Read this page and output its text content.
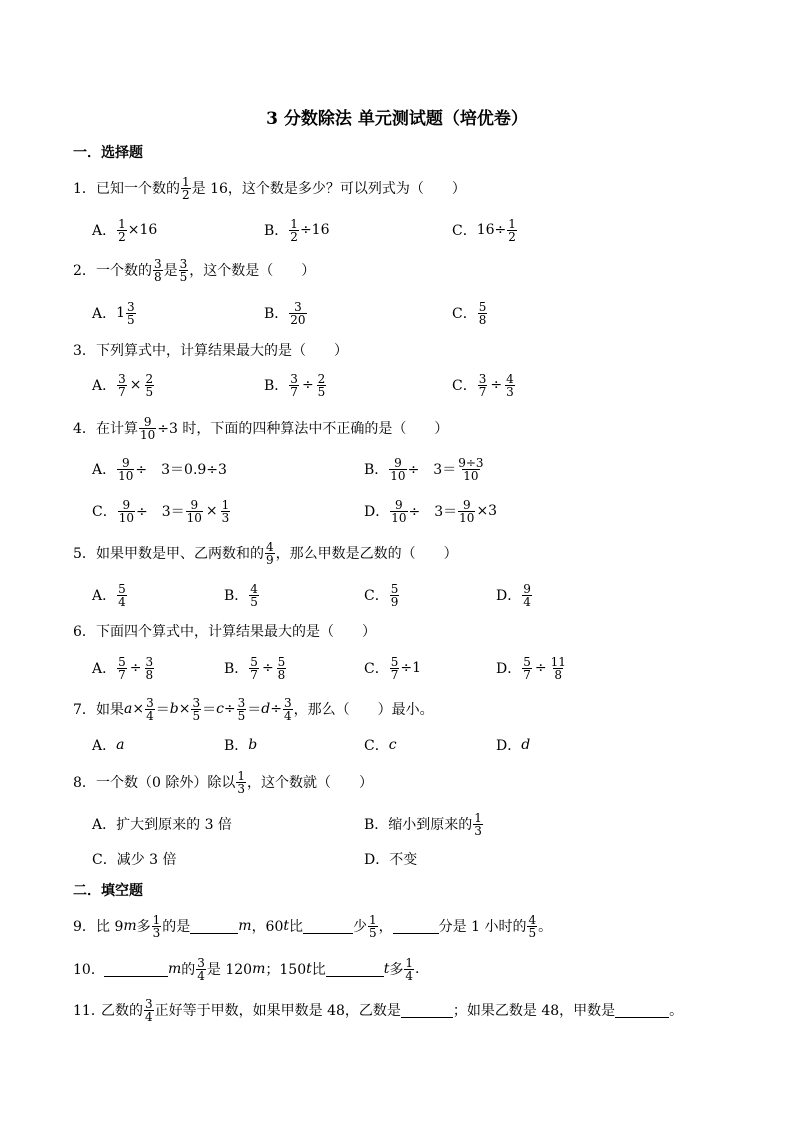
3 分数除法 单元测试题（培优卷）
一．选择题
1． 已知一个数的 $\frac{1}{2}$ 是 16，这个数是多少？可以列式为（　　）
A． $\frac{1}{2} \times 16$	B． $\frac{1}{2} \div 16$	C． $16\div \frac{1}{2}$
2． 一个数的 $\frac{3}{8}$ 是 $\frac{3}{5}$ ，这个数是（　　）
A． $1 \frac{3}{5}$	B． $\frac{3}{20}$	C． $\frac{5}{8}$
3． 下列算式中，计算结果最大的是（　　）
A． $\frac{3}{7} \times \frac{2}{5}$	B． $\frac{3}{7} \div \frac{2}{5}$	C． $\frac{3}{7} \div \frac{4}{3}$
4． 在计算 $\frac{9}{10} \div 3$ 时，下面的四种算法中不正确的是（　　）
A． $\frac{9}{10}$ ÷　3＝0.9÷3	B． $\frac{9}{10}$ ÷　$3= \frac{9\div 3}{10}$
C． $\frac{9}{10}$ ÷　$3= \frac{9}{10} \times \frac{1}{3}$	D． $\frac{9}{10}$ ÷　$3= \frac{9}{10} \times 3$
5． 如果甲数是甲、乙两数和的 $\frac{4}{9}$ ，那么甲数是乙数的（　　）
A． $\frac{5}{4}$	B． $\frac{4}{5}$	C． $\frac{5}{9}$	D． $\frac{9}{4}$
6． 下面四个算式中，计算结果最大的是（　　）
A． $\frac{5}{7} \div \frac{3}{8}$	B． $\frac{5}{7} \div \frac{5}{8}$	C． $\frac{5}{7} \div 1$	D． $\frac{5}{7} \div \frac{11}{8}$
7． 如果 $a \times \frac{3}{4} = b \times \frac{3}{5} = c \div \frac{3}{5} = d \div \frac{3}{4}$ ，那么（　　）最小。
A． a	B． b	C． c	D． d
8． 一个数（0 除外）除以 $\frac{1}{3}$ ，这个数就（　　）
A． 扩大到原来的 3 倍	B． 缩小到原来的 $\frac{1}{3}$
C． 减少 3 倍	D． 不变
二．填空题
9． 比 9 m 多 $\frac{1}{3}$ 的是	m ，60 t 比	少 $\frac{1}{5}$ ，	分是 1 小时的 $\frac{4}{5}$ 。
10．	m 的 $\frac{3}{4}$ 是 120 m ；150 t 比	t 多 $\frac{1}{4}$ .
11．
乙数的 $\frac{3}{4}$ 正好等于甲数，如果甲数是 48，乙数是	；如果乙数是 48，甲数是	。
